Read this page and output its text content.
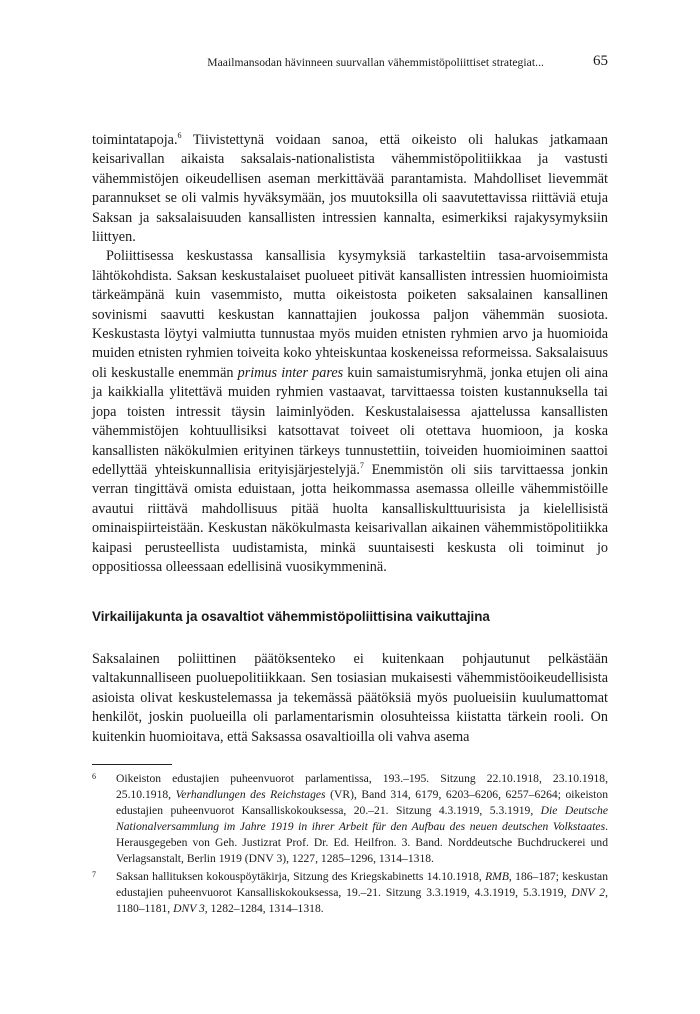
Maailmansodan hävinneen suurvallan vähemmistöpoliittiset strategiat...	65

toimintatapoja.$^6$ Tiivistettynä voidaan sanoa, että oikeisto oli halukas jatkamaan keisarivallan aikaista saksalais-nationalistista vähemmistöpolitiikkaa ja vastusti vähemmistöjen oikeudellisen aseman merkittävää parantamista. Mahdolliset lievemmät parannukset se oli valmis hyväksymään, jos muutoksilla oli saavutettavissa riittäviä etuja Saksan ja saksalaisuuden kansallisten intressien kannalta, esimerkiksi rajakysymyksiin liittyen.

Poliittisessa keskustassa kansallisia kysymyksiä tarkasteltiin tasa-arvoisemmista lähtökohdista. Saksan keskustalaiset puolueet pitivät kansallisten intressien huomioimista tärkeämpänä kuin vasemmisto, mutta oikeistosta poiketen saksalainen kansallinen sovinismi saavutti keskustan kannattajien joukossa paljon vähemmän suosiota. Keskustasta löytyi valmiutta tunnustaa myös muiden etnisten ryhmien arvo ja huomioida muiden etnisten ryhmien toiveita koko yhteiskuntaa koskeneissa reformeissa. Saksalaisuus oli keskustalle enemmän primus inter pares kuin samaistumisryhmä, jonka etujen oli aina ja kaikkialla ylitettävä muiden ryhmien vastaavat, tarvittaessa toisten kustannuksella tai jopa toisten intressit täysin laiminlyöden. Keskustalaisessa ajattelussa kansallisten vähemmistöjen kohtuullisiksi katsottavat toiveet oli otettava huomioon, ja koska kansallisten näkökulmien erityinen tärkeys tunnustettiin, toiveiden huomioiminen saattoi edellyttää yhteiskunnallisia erityisjärjestelyjä.$^7$ Enemmistön oli siis tarvittaessa jonkin verran tingittävä omista eduistaan, jotta heikommassa asemassa olleille vähemmistöille avautui riittävä mahdollisuus pitää huolta kansalliskulttuurisista ja kielellisistä ominaispiirteistään. Keskustan näkökulmasta keisarivallan aikainen vähemmistöpolitiikka kaipasi perusteellista uudistamista, minkä suuntaisesti keskusta oli toiminut jo oppositiossa olleessaan edellisinä vuosikymmeninä.

Virkailijakunta ja osavaltiot vähemmistöpoliittisina vaikuttajina

Saksalainen poliittinen päätöksenteko ei kuitenkaan pohjautunut pelkästään valtakunnalliseen puoluepolitiikkaan. Sen tosiasian mukaisesti vähemmistöoikeudellisista asioista olivat keskustelemassa ja tekemässä päätöksiä myös puolueisiin kuulumattomat henkilöt, joskin puolueilla oli parlamentarismin olosuhteissa kiistatta tärkein rooli. On kuitenkin huomioitava, että Saksassa osavaltioilla oli vahva asema

6 Oikeiston edustajien puheenvuorot parlamentissa, 193.–195. Sitzung 22.10.1918, 23.10.1918, 25.10.1918, Verhandlungen des Reichstages (VR), Band 314, 6179, 6203–6206, 6257–6264; oikeiston edustajien puheenvuorot Kansalliskokouksessa, 20.–21. Sitzung 4.3.1919, 5.3.1919, Die Deutsche Nationalversammlung im Jahre 1919 in ihrer Arbeit für den Aufbau des neuen deutschen Volkstaates. Herausgegeben von Geh. Justizrat Prof. Dr. Ed. Heilfron. 3. Band. Norddeutsche Buchdruckerei und Verlagsanstalt, Berlin 1919 (DNV 3), 1227, 1285–1296, 1314–1318.
7 Saksan hallituksen kokouspöytäkirja, Sitzung des Kriegskabinetts 14.10.1918, RMB, 186–187; keskustan edustajien puheenvuorot Kansalliskokouksessa, 19.–21. Sitzung 3.3.1919, 4.3.1919, 5.3.1919, DNV 2, 1180–1181, DNV 3, 1282–1284, 1314–1318.
